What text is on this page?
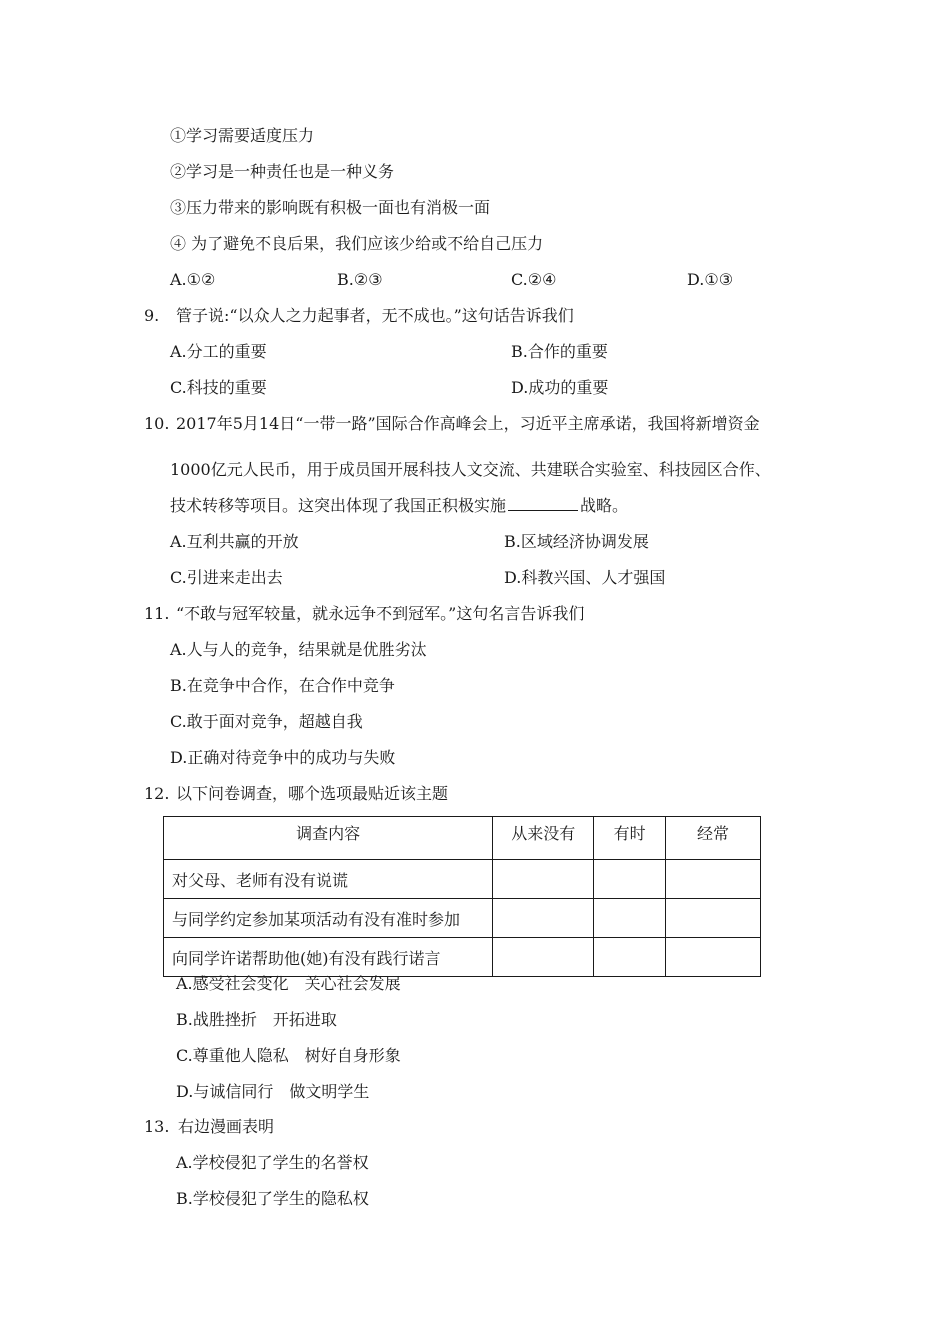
①学习需要适度压力
②学习是一种责任也是一种义务
③压力带来的影响既有积极一面也有消极一面
④ 为了避免不良后果，我们应该少给或不给自己压力
A.①②	B.②③	C.②④	D.①③
9. 管子说:“以众人之力起事者，无不成也。”这句话告诉我们
A.分工的重要	B.合作的重要
C.科技的重要	D.成功的重要
10. 2017年5月14日“一带一路”国际合作高峰会上，习近平主席承诺，我国将新增资金
1000亿元人民币，用于成员国开展科技人文交流、共建联合实验室、科技园区合作、
技术转移等项目。这突出体现了我国正积极实施	战略。
A.互利共赢的开放	B.区域经济协调发展
C.引进来走出去	D.科教兴国、人才强国
11. “不敢与冠军较量，就永远争不到冠军。”这句名言告诉我们
A.人与人的竞争，结果就是优胜劣汰
B.在竞争中合作，在合作中竞争
C.敢于面对竞争，超越自我
D.正确对待竞争中的成功与失败
12. 以下问卷调查，哪个选项最贴近该主题
调查内容	从来没有	有时	经常
对父母、老师有没有说谎			
与同学约定参加某项活动有没有准时参加			
向同学许诺帮助他(她)有没有践行诺言			
A.感受社会变化　关心社会发展
B.战胜挫折　开拓进取
C.尊重他人隐私　树好自身形象
D.与诚信同行　做文明学生
13. 右边漫画表明
A.学校侵犯了学生的名誉权
B.学校侵犯了学生的隐私权
